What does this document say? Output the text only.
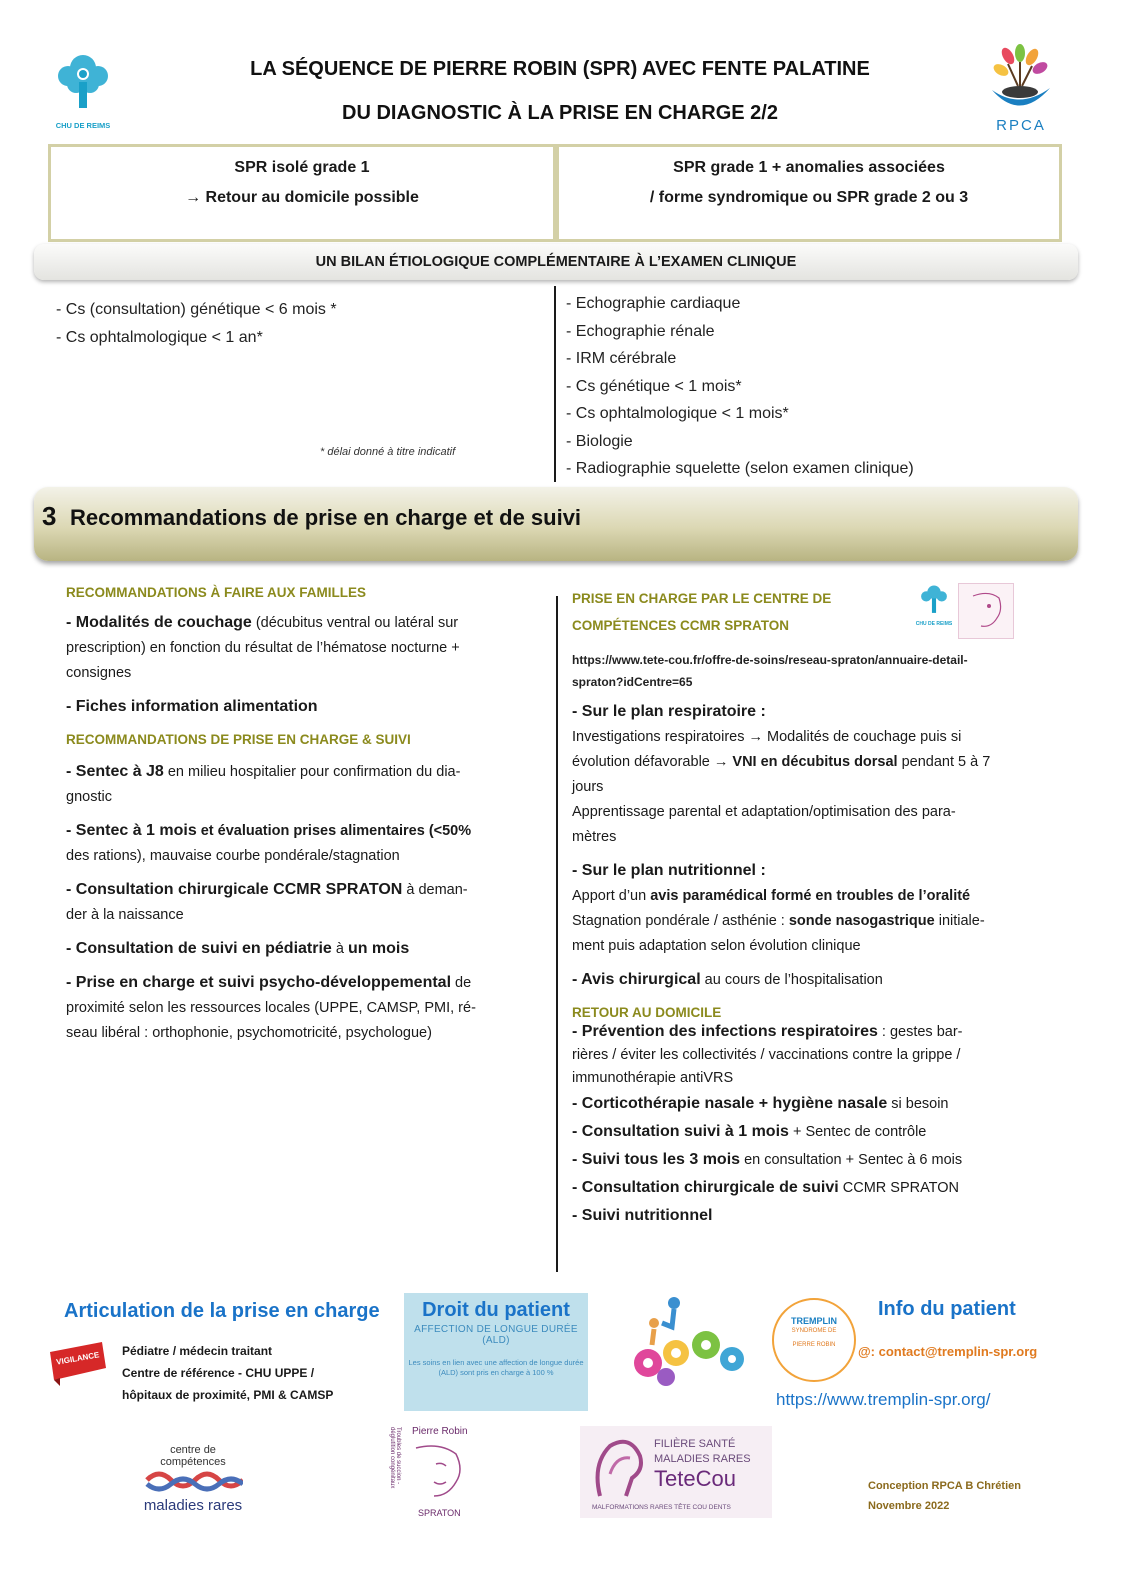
CHU DE REIMS
LA SÉQUENCE DE PIERRE ROBIN (SPR) AVEC FENTE PALATINE
DU DIAGNOSTIC À LA PRISE EN CHARGE 2/2
RPCA

SPR isolé grade 1

→ Retour au domicile possible

SPR grade 1 + anomalies associées

/ forme syndromique ou SPR grade 2 ou 3

UN BILAN ÉTIOLOGIQUE COMPLÉMENTAIRE À L’EXAMEN CLINIQUE
- Cs (consultation) génétique < 6 mois *
- Cs ophtalmologique < 1 an*
* délai donné à titre indicatif
- Echographie cardiaque
- Echographie rénale
- IRM cérébrale
- Cs génétique < 1 mois*
- Cs ophtalmologique < 1 mois*
- Biologie
- Radiographie squelette (selon examen clinique)
3 Recommandations de prise en charge et de suivi
RECOMMANDATIONS À FAIRE AUX FAMILLES
- Modalités de couchage (décubitus ventral ou latéral sur
prescription) en fonction du résultat de l’hématose nocturne +
consignes
- Fiches information alimentation
RECOMMANDATIONS DE PRISE EN CHARGE & SUIVI
- Sentec à J8 en milieu hospitalier pour confirmation du dia-
gnostic
- Sentec à 1 mois et évaluation prises alimentaires (<50%
des rations), mauvaise courbe pondérale/stagnation
- Consultation chirurgicale CCMR SPRATON à deman-
der à la naissance
- Consultation de suivi en pédiatrie à un mois
- Prise en charge et suivi psycho-développemental de
proximité selon les ressources locales (UPPE, CAMSP, PMI, ré-
seau libéral : orthophonie, psychomotricité, psychologue)
PRISE EN CHARGE PAR LE CENTRE DE
COMPÉTENCES CCMR SPRATON
https://www.tete-cou.fr/offre-de-soins/reseau-spraton/annuaire-detail-
spraton?idCentre=65
- Sur le plan respiratoire :
Investigations respiratoires → Modalités de couchage puis si
évolution défavorable → VNI en décubitus dorsal pendant 5 à 7
jours
Apprentissage parental et adaptation/optimisation des para-
mètres
- Sur le plan nutritionnel :
Apport d’un avis paramédical formé en troubles de l’oralité
Stagnation pondérale / asthénie : sonde nasogastrique initiale-
ment puis adaptation selon évolution clinique
- Avis chirurgical au cours de l’hospitalisation
RETOUR AU DOMICILE
- Prévention des infections respiratoires : gestes bar-
rières / éviter les collectivités / vaccinations contre la grippe /
immunothérapie antiVRS
- Corticothérapie nasale + hygiène nasale si besoin
- Consultation suivi à 1 mois + Sentec de contrôle
- Suivi tous les 3 mois en consultation + Sentec à 6 mois
- Consultation chirurgicale de suivi CCMR SPRATON
- Suivi nutritionnel
CHU DE REIMS
Articulation de la prise en charge
VIGILANCE Pédiatre / médecin traitant
Centre de référence - CHU UPPE /
hôpitaux de proximité, PMI & CAMSP
Droit du patient
AFFECTION DE LONGUE DURÉE (ALD)
Les soins en lien avec une affection de longue durée (ALD) sont pris en charge à 100 %
TREMPLIN
SYNDROME DE
PIERRE ROBIN
Info du patient
@: contact@tremplin-spr.org
https://www.tremplin-spr.org/
centre de compétences
maladies rares
Pierre Robin
Troubles de succion - déglutition congénitaux
SPRATON
FILIÈRE SANTÉ
MALADIES RARES
TeteCou
MALFORMATIONS RARES TÊTE COU DENTS
Conception RPCA B Chrétien
Novembre 2022
